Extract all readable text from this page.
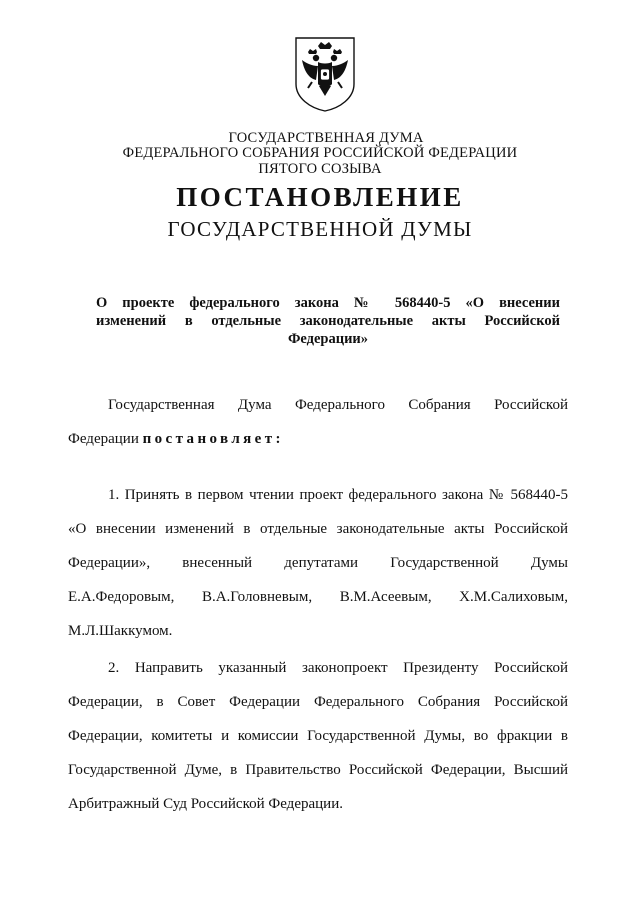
ГОСУДАРСТВЕННАЯ ДУМА
ФЕДЕРАЛЬНОГО СОБРАНИЯ РОССИЙСКОЙ ФЕДЕРАЦИИ
ПЯТОГО СОЗЫВА
ПОСТАНОВЛЕНИЕ
ГОСУДАРСТВЕННОЙ ДУМЫ
О проекте федерального закона № 568440-5 «О внесении
изменений в отдельные законодательные акты Российской
Федерации»
Государственная Дума Федерального Собрания Российской
Федерации постановляет:
1. Принять в первом чтении проект федерального закона № 568440-5
«О внесении изменений в отдельные законодательные акты Российской
Федерации», внесенный депутатами Государственной Думы
Е.А.Федоровым, В.А.Головневым, В.М.Асеевым, Х.М.Салиховым,
М.Л.Шаккумом.
2. Направить указанный законопроект Президенту Российской
Федерации, в Совет Федерации Федерального Собрания Российской
Федерации, комитеты и комиссии Государственной Думы, во фракции в
Государственной Думе, в Правительство Российской Федерации, Высший
Арбитражный Суд Российской Федерации.
